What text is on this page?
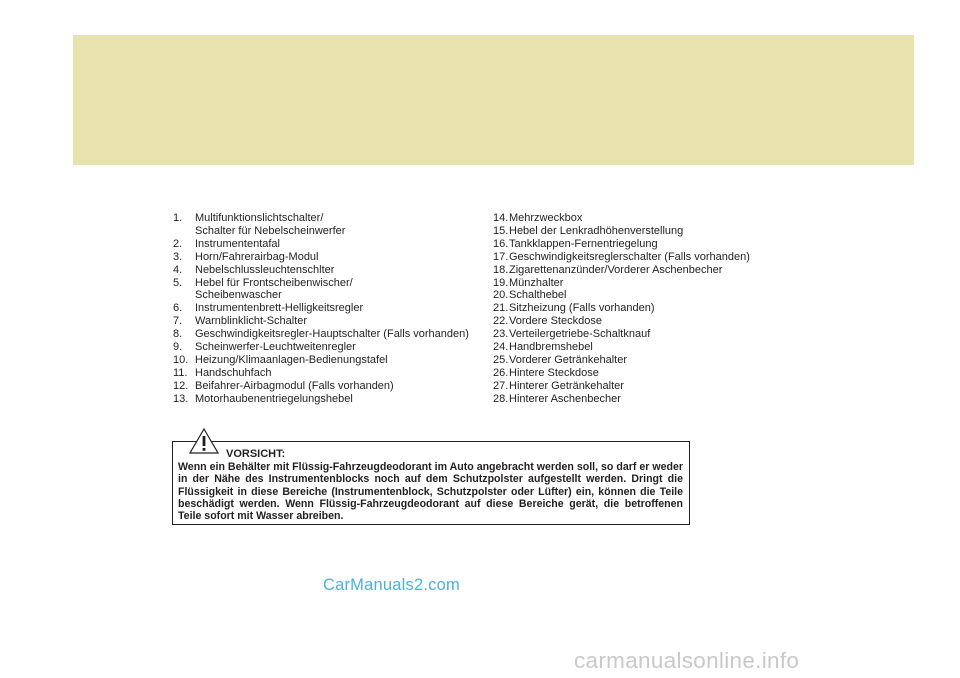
1.	Multifunktionslichtschalter/
Schalter für Nebelscheinwerfer
2.	Instrumententafal
3.	Horn/Fahrerairbag-Modul
4.	Nebelschlussleuchtenschlter
5.	Hebel für Frontscheibenwischer/
Scheibenwascher
6.	Instrumentenbrett-Helligkeitsregler
7.	Warnblinklicht-Schalter
8.	Geschwindigkeitsregler-Hauptschalter (Falls vorhanden)
9.	Scheinwerfer-Leuchtweitenregler
10. Heizung/Klimaanlagen-Bedienungstafel
11. Handschuhfach
12. Beifahrer-Airbagmodul (Falls vorhanden)
13. Motorhaubenentriegelungshebel
14. Mehrzweckbox
15. Hebel der Lenkradhöhenverstellung
16. Tankklappen-Fernentriegelung
17. Geschwindigkeitsreglerschalter (Falls vorhanden)
18. Zigarettenanzünder/Vorderer Aschenbecher
19. Münzhalter
20. Schalthebel
21. Sitzheizung (Falls vorhanden)
22. Vordere Steckdose
23. Verteilergetriebe-Schaltknauf
24. Handbremshebel
25. Vorderer Getränkehalter
26. Hintere Steckdose
27. Hinterer Getränkehalter
28. Hinterer Aschenbecher
VORSICHT:

Wenn ein Behälter mit Flüssig-Fahrzeugdeodorant im Auto angebracht werden soll, so darf er weder in der Nähe des Instrumentenblocks noch auf dem Schutzpolster aufgestellt werden. Dringt die Flüssigkeit in diese Bereiche (Instrumentenblock, Schutzpolster oder Lüfter) ein, können die Teile beschädigt werden. Wenn Flüssig-Fahrzeugdeodorant auf diese Bereiche gerät, die betroffenen Teile sofort mit Wasser abreiben.

CarManuals2.com
carmanualsonline.info
